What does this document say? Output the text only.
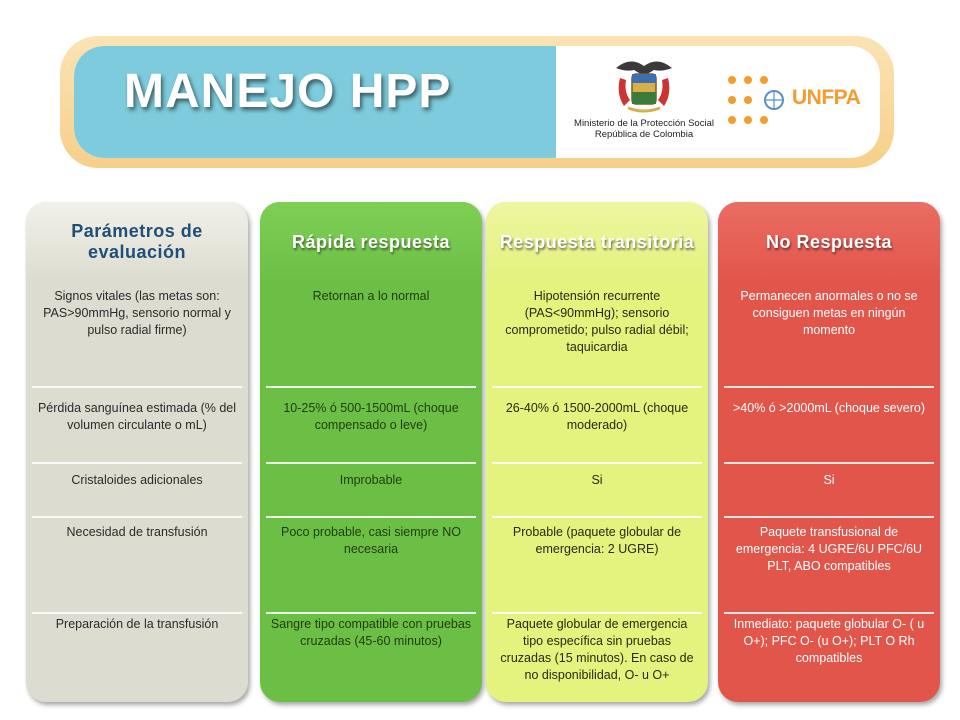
MANEJO HPP
Ministerio de la Protección Social
República de Colombia
UNFPA
Parámetros de evaluación
Signos vitales (las metas son: PAS>90mmHg, sensorio normal y pulso radial firme)
Pérdida sanguínea estimada (% del volumen circulante o mL)
Cristaloides adicionales
Necesidad de transfusión
Preparación de la transfusión
Rápida respuesta
Retornan a lo normal
10-25% ó 500-1500mL (choque compensado o leve)
Improbable
Poco probable, casi siempre NO necesaria
Sangre tipo compatible con pruebas cruzadas (45-60 minutos)
Respuesta transitoria
Hipotensión recurrente (PAS<90mmHg); sensorio comprometido; pulso radial débil; taquicardia
26-40% ó 1500-2000mL (choque moderado)
Si
Probable (paquete globular de emergencia: 2 UGRE)
Paquete globular de emergencia tipo específica sin pruebas cruzadas (15 minutos). En caso de no disponibilidad, O- u O+
No Respuesta
Permanecen anormales o no se consiguen metas en ningún momento
>40% ó >2000mL (choque severo)
Si
Paquete transfusional de emergencia: 4 UGRE/6U PFC/6U PLT, ABO compatibles
Inmediato: paquete globular O- ( u O+); PFC O- (u O+); PLT O Rh compatibles
